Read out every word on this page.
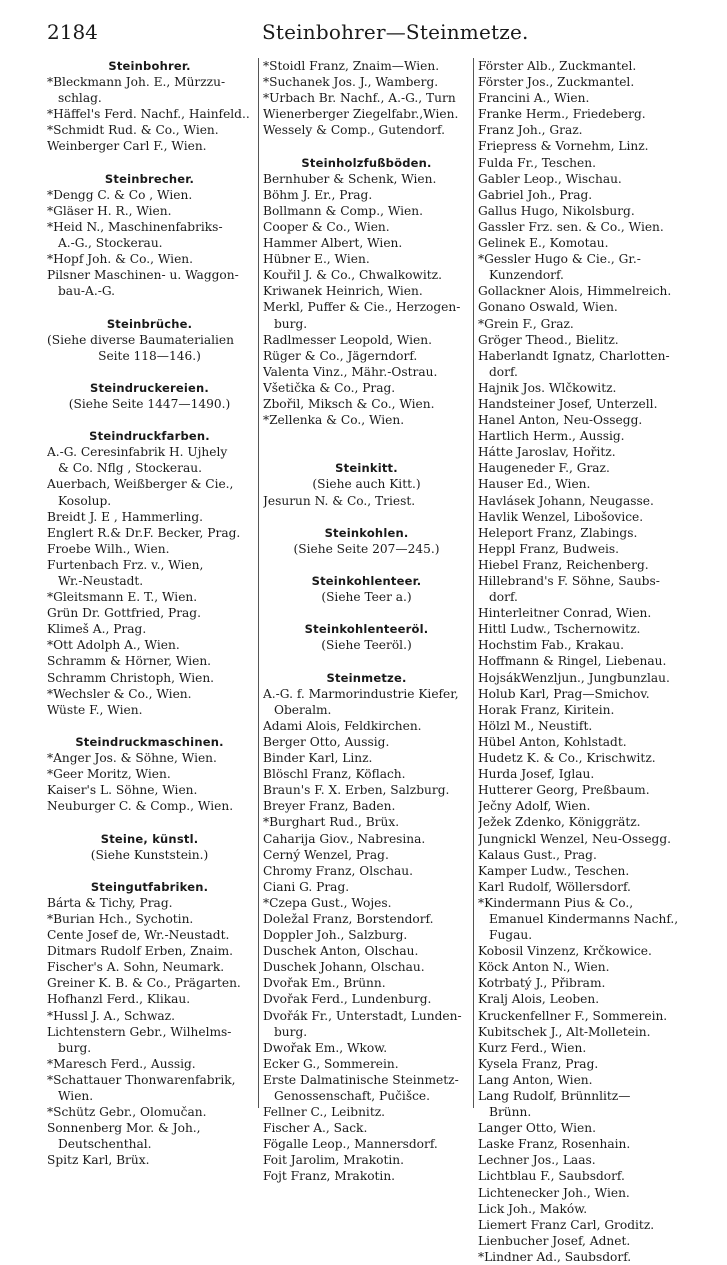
2184	Steinbohrer—Steinmetze.
Steinbohrer.
*Bleckmann Joh. E., Mürzzu-
schlag.
*Häffel's Ferd. Nachf., Hainfeld..
*Schmidt Rud. & Co., Wien.
Weinberger Carl F., Wien.
Steinbrecher.
*Dengg C. & Co , Wien.
*Gläser H. R., Wien.
*Heid N., Maschinenfabriks-
A.-G., Stockerau.
*Hopf Joh. & Co., Wien.
Pilsner Maschinen- u. Waggon-
bau-A.-G.
Steinbrüche.
(Siehe diverse Baumaterialien
Seite 118—146.)
Steindruckereien.
(Siehe Seite 1447—1490.)
Steindruckfarben.
A.-G. Ceresinfabrik H. Ujhely
& Co. Nflg , Stockerau.
Auerbach, Weißberger & Cie.,
Kosolup.
Breidt J. E , Hammerling.
Englert R.& Dr.F. Becker, Prag.
Froebe Wilh., Wien.
Furtenbach Frz. v., Wien,
Wr.-Neustadt.
*Gleitsmann E. T., Wien.
Grün Dr. Gottfried, Prag.
Klimeš A., Prag.
*Ott Adolph A., Wien.
Schramm & Hörner, Wien.
Schramm Christoph, Wien.
*Wechsler & Co., Wien.
Wüste F., Wien.
Steindruckmaschinen.
*Anger Jos. & Söhne, Wien.
*Geer Moritz, Wien.
Kaiser's L. Söhne, Wien.
Neuburger C. & Comp., Wien.
Steine, künstl.
(Siehe Kunststein.)
Steingutfabriken.
Bárta & Tichy, Prag.
*Burian Hch., Sychotin.
Cente Josef de, Wr.-Neustadt.
Ditmars Rudolf Erben, Znaim.
Fischer's A. Sohn, Neumark.
Greiner K. B. & Co., Prägarten.
Hofhanzl Ferd., Klikau.
*Hussl J. A., Schwaz.
Lichtenstern Gebr., Wilhelms-
burg.
*Maresch Ferd., Aussig.
*Schattauer Thonwarenfabrik,
Wien.
*Schütz Gebr., Olomučan.
Sonnenberg Mor. & Joh.,
Deutschenthal.
Spitz Karl, Brüx.
*Stoidl Franz, Znaim—Wien.
*Suchanek Jos. J., Wamberg.
*Urbach Br. Nachf., A.-G., Turn
Wienerberger Ziegelfabr.,Wien.
Wessely & Comp., Gutendorf.
Steinholzfußböden.
Bernhuber & Schenk, Wien.
Böhm J. Er., Prag.
Bollmann & Comp., Wien.
Cooper & Co., Wien.
Hammer Albert, Wien.
Hübner E., Wien.
Kouřil J. & Co., Chwalkowitz.
Kriwanek Heinrich, Wien.
Merkl, Puffer & Cie., Herzogen-
burg.
Radlmesser Leopold, Wien.
Rüger & Co., Jägerndorf.
Valenta Vinz., Mähr.-Ostrau.
Všetička & Co., Prag.
Zbořil, Miksch & Co., Wien.
*Zellenka & Co., Wien.
Steinkitt.
(Siehe auch Kitt.)
Jesurun N. & Co., Triest.
Steinkohlen.
(Siehe Seite 207—245.)
Steinkohlenteer.
(Siehe Teer a.)
Steinkohlenteeröl.
(Siehe Teeröl.)
Steinmetze.
A.-G. f. Marmorindustrie Kiefer,
Oberalm.
Adami Alois, Feldkirchen.
Berger Otto, Aussig.
Binder Karl, Linz.
Blöschl Franz, Köflach.
Braun's F. X. Erben, Salzburg.
Breyer Franz, Baden.
*Burghart Rud., Brüx.
Caharija Giov., Nabresina.
Cerný Wenzel, Prag.
Chromy Franz, Olschau.
Ciani G. Prag.
*Czepa Gust., Wojes.
Doležal Franz, Borstendorf.
Doppler Joh., Salzburg.
Duschek Anton, Olschau.
Duschek Johann, Olschau.
Dvořak Em., Brünn.
Dvořak Ferd., Lundenburg.
Dvořák Fr., Unterstadt, Lunden-
burg.
Dwořak Em., Wkow.
Ecker G., Sommerein.
Erste Dalmatinische Steinmetz-
Genossenschaft, Pučišce.
Fellner C., Leibnitz.
Fischer A., Sack.
Fögalle Leop., Mannersdorf.
Foit Jarolim, Mrakotin.
Fojt Franz, Mrakotin.
Förster Alb., Zuckmantel.
Förster Jos., Zuckmantel.
Francini A., Wien.
Franke Herm., Friedeberg.
Franz Joh., Graz.
Friepress & Vornehm, Linz.
Fulda Fr., Teschen.
Gabler Leop., Wischau.
Gabriel Joh., Prag.
Gallus Hugo, Nikolsburg.
Gassler Frz. sen. & Co., Wien.
Gelinek E., Komotau.
*Gessler Hugo & Cie., Gr.-
Kunzendorf.
Gollackner Alois, Himmelreich.
Gonano Oswald, Wien.
*Grein F., Graz.
Gröger Theod., Bielitz.
Haberlandt Ignatz, Charlotten-
dorf.
Hajnik Jos. Wlčkowitz.
Handsteiner Josef, Unterzell.
Hanel Anton, Neu-Ossegg.
Hartlich Herm., Aussig.
Hátte Jaroslav, Hořitz.
Haugeneder F., Graz.
Hauser Ed., Wien.
Havlásek Johann, Neugasse.
Havlik Wenzel, Libošovice.
Heleport Franz, Zlabings.
Heppl Franz, Budweis.
Hiebel Franz, Reichenberg.
Hillebrand's F. Söhne, Saubs-
dorf.
Hinterleitner Conrad, Wien.
Hittl Ludw., Tschernowitz.
Hochstim Fab., Krakau.
Hoffmann & Ringel, Liebenau.
HojsákWenzljun., Jungbunzlau.
Holub Karl, Prag—Smichov.
Horak Franz, Kiritein.
Hölzl M., Neustift.
Hübel Anton, Kohlstadt.
Hudetz K. & Co., Krischwitz.
Hurda Josef, Iglau.
Hutterer Georg, Preßbaum.
Ječny Adolf, Wien.
Ježek Zdenko, Königgrätz.
Jungnickl Wenzel, Neu-Ossegg.
Kalaus Gust., Prag.
Kamper Ludw., Teschen.
Karl Rudolf, Wöllersdorf.
*Kindermann Pius & Co.,
Emanuel Kindermanns Nachf.,
Fugau.
Kobosil Vinzenz, Krčkowice.
Köck Anton N., Wien.
Kotrbatý J., Přibram.
Kralj Alois, Leoben.
Kruckenfellner F., Sommerein.
Kubitschek J., Alt-Molletein.
Kurz Ferd., Wien.
Kysela Franz, Prag.
Lang Anton, Wien.
Lang Rudolf, Brünnlitz—
Brünn.
Langer Otto, Wien.
Laske Franz, Rosenhain.
Lechner Jos., Laas.
Lichtblau F., Saubsdorf.
Lichtenecker Joh., Wien.
Lick Joh., Maków.
Liemert Franz Carl, Groditz.
Lienbucher Josef, Adnet.
*Lindner Ad., Saubsdorf.
